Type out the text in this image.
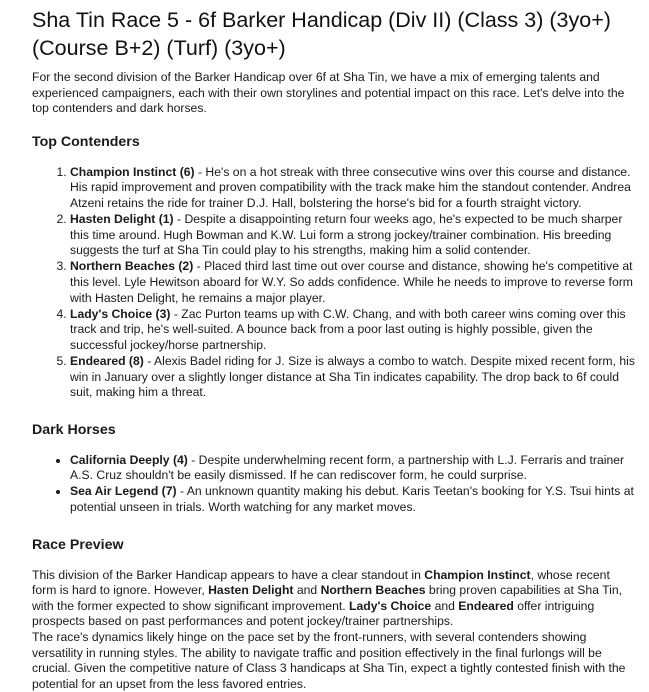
Sha Tin Race 5 - 6f Barker Handicap (Div II) (Class 3) (3yo+) (Course B+2) (Turf) (3yo+)

For the second division of the Barker Handicap over 6f at Sha Tin, we have a mix of emerging talents and experienced campaigners, each with their own storylines and potential impact on this race. Let's delve into the top contenders and dark horses.

Top Contenders
1. Champion Instinct (6) - He's on a hot streak with three consecutive wins over this course and distance. His rapid improvement and proven compatibility with the track make him the standout contender. Andrea Atzeni retains the ride for trainer D.J. Hall, bolstering the horse's bid for a fourth straight victory.
2. Hasten Delight (1) - Despite a disappointing return four weeks ago, he's expected to be much sharper this time around. Hugh Bowman and K.W. Lui form a strong jockey/trainer combination. His breeding suggests the turf at Sha Tin could play to his strengths, making him a solid contender.
3. Northern Beaches (2) - Placed third last time out over course and distance, showing he's competitive at this level. Lyle Hewitson aboard for W.Y. So adds confidence. While he needs to improve to reverse form with Hasten Delight, he remains a major player.
4. Lady's Choice (3) - Zac Purton teams up with C.W. Chang, and with both career wins coming over this track and trip, he's well-suited. A bounce back from a poor last outing is highly possible, given the successful jockey/horse partnership.
5. Endeared (8) - Alexis Badel riding for J. Size is always a combo to watch. Despite mixed recent form, his win in January over a slightly longer distance at Sha Tin indicates capability. The drop back to 6f could suit, making him a threat.
Dark Horses
• California Deeply (4) - Despite underwhelming recent form, a partnership with L.J. Ferraris and trainer A.S. Cruz shouldn't be easily dismissed. If he can rediscover form, he could surprise.
• Sea Air Legend (7) - An unknown quantity making his debut. Karis Teetan's booking for Y.S. Tsui hints at potential unseen in trials. Worth watching for any market moves.
Race Preview

This division of the Barker Handicap appears to have a clear standout in Champion Instinct, whose recent form is hard to ignore. However, Hasten Delight and Northern Beaches bring proven capabilities at Sha Tin, with the former expected to show significant improvement. Lady's Choice and Endeared offer intriguing prospects based on past performances and potent jockey/trainer partnerships.

The race's dynamics likely hinge on the pace set by the front-runners, with several contenders showing versatility in running styles. The ability to navigate traffic and position effectively in the final furlongs will be crucial. Given the competitive nature of Class 3 handicaps at Sha Tin, expect a tightly contested finish with the potential for an upset from the less favored entries.
